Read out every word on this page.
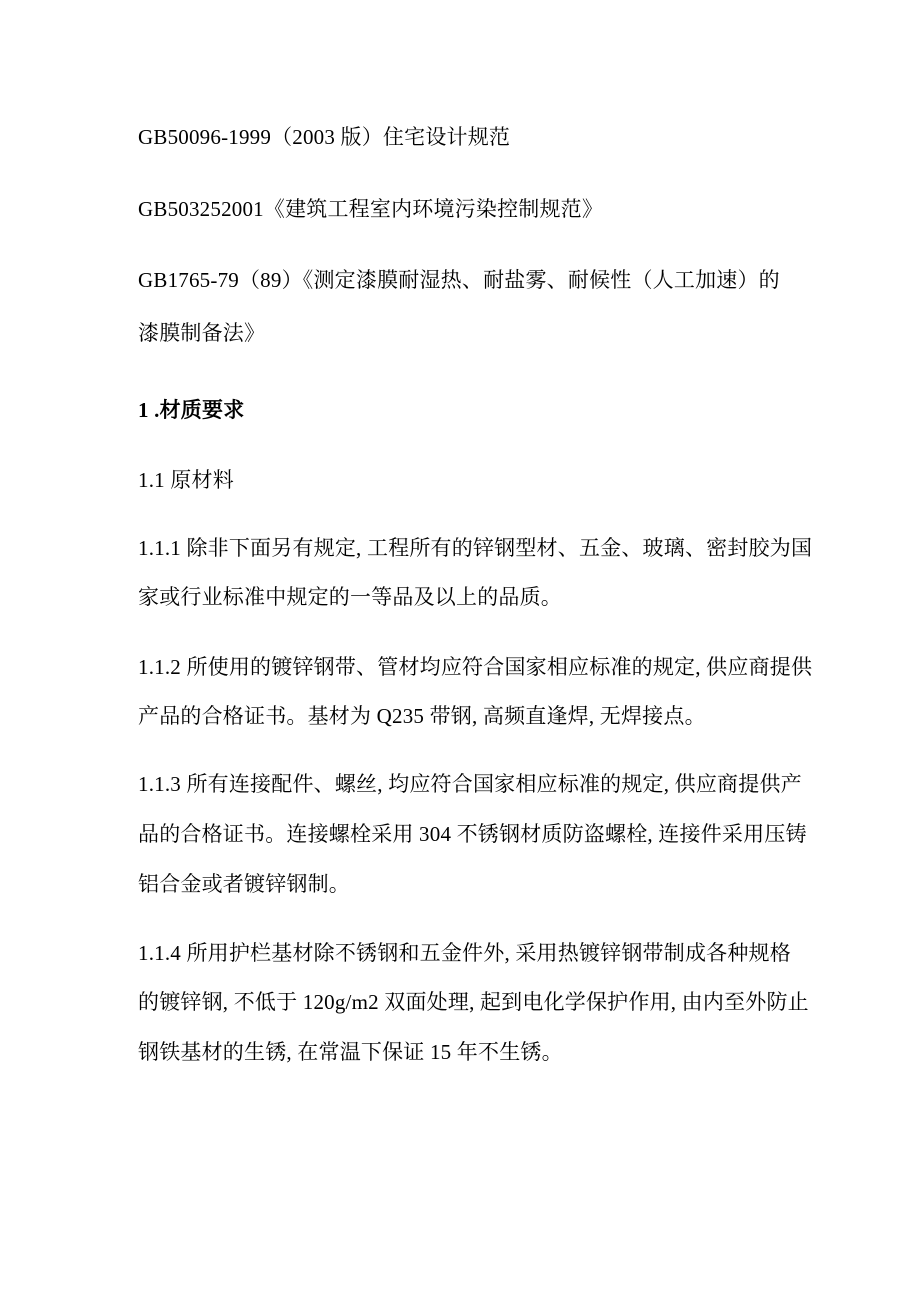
GB50096-1999（2003 版）住宅设计规范

GB503252001《建筑工程室内环境污染控制规范》

GB1765-79（89）《测定漆膜耐湿热、耐盐雾、耐候性（人工加速）的

漆膜制备法》

1 .材质要求

1.1 原材料

1.1.1 除非下面另有规定, 工程所有的锌钢型材、五金、玻璃、密封胶为国

家或行业标准中规定的一等品及以上的品质。

1.1.2 所使用的镀锌钢带、管材均应符合国家相应标准的规定, 供应商提供

产品的合格证书。基材为 Q235 带钢, 高频直逢焊, 无焊接点。

1.1.3 所有连接配件、螺丝, 均应符合国家相应标准的规定, 供应商提供产

品的合格证书。连接螺栓采用 304 不锈钢材质防盗螺栓, 连接件采用压铸

铝合金或者镀锌钢制。

1.1.4 所用护栏基材除不锈钢和五金件外, 采用热镀锌钢带制成各种规格

的镀锌钢, 不低于 120g/m2 双面处理, 起到电化学保护作用, 由内至外防止

钢铁基材的生锈, 在常温下保证 15 年不生锈。
